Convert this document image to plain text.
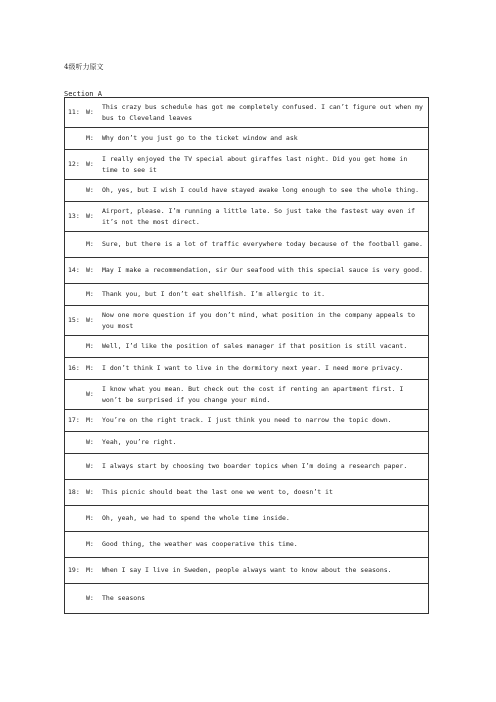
4级听力原文
Section A
11: W:
This crazy bus schedule has got me completely confused. I can’t figure out when my bus to Cleveland leaves

M:	Why don’t you just go to the ticket window and ask

12: W:
I really enjoyed the TV special about giraffes last night. Did you get home in time to see it

W:	Oh, yes, but I wish I could have stayed awake long enough to see the whole thing.

13: W:
Airport, please. I’m running a little late. So just take the fastest way even if it’s not the most direct.

M:	Sure, but there is a lot of traffic everywhere today because of the football game.

14: W:	May I make a recommendation, sir Our seafood with this special sauce is very good.

M:	Thank you, but I don’t eat shellfish. I’m allergic to it.

15: W:
Now one more question if you don’t mind, what position in the company appeals to you most

M:	Well, I’d like the position of sales manager if that position is still vacant.

16: M:	I don’t think I want to live in the dormitory next year. I need more privacy.

W:
I know what you mean. But check out the cost if renting an apartment first. I won’t be surprised if you change your mind.

17: M:	You’re on the right track. I just think you need to narrow the topic down.

W:	Yeah, you’re right.

W:	I always start by choosing two boarder topics when I’m doing a research paper.

18: W:	This picnic should beat the last one we went to, doesn’t it

M:	Oh, yeah, we had to spend the whole time inside.

M:	Good thing, the weather was cooperative this time.

19: M:	When I say I live in Sweden, people always want to know about the seasons.

W:	The seasons
